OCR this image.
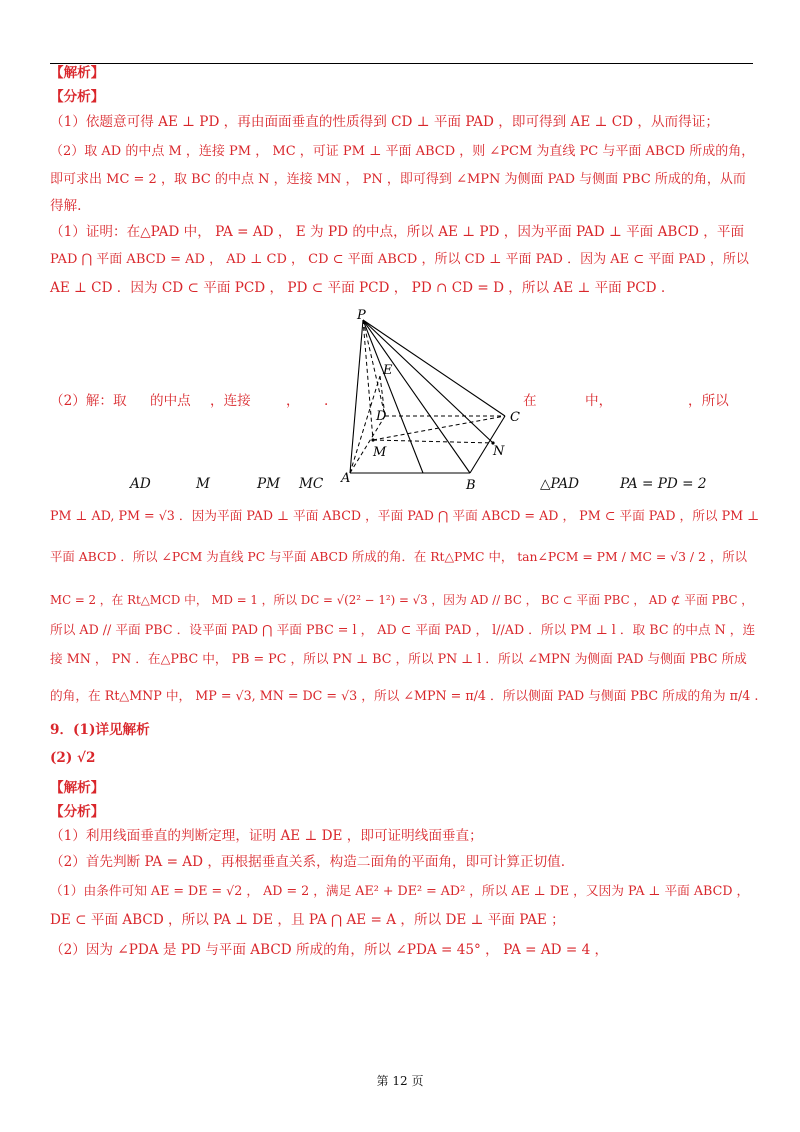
【解析】
【分析】
（1）依题意可得 AE ⊥ PD ，再由面面垂直的性质得到 CD ⊥ 平面 PAD ，即可得到 AE ⊥ CD ，从而得证；
（2）取 AD 的中点 M ，连接 PM ， MC ，可证 PM ⊥ 平面 ABCD ，则 ∠PCM 为直线 PC 与平面 ABCD 所成的角，
即可求出 MC = 2 ，取 BC 的中点 N ，连接 MN ， PN ，即可得到 ∠MPN 为侧面 PAD 与侧面 PBC 所成的角，从而
得解.
（1）证明：在△PAD 中， PA = AD ， E 为 PD 的中点，所以 AE ⊥ PD ，因为平面 PAD ⊥ 平面 ABCD ，平面
PAD ⋂ 平面 ABCD = AD ， AD ⊥ CD ， CD ⊂ 平面 ABCD ，所以 CD ⊥ 平面 PAD ．因为 AE ⊂ 平面 PAD ，所以
AE ⊥ CD ．因为 CD ⊂ 平面 PCD ， PD ⊂ 平面 PCD ， PD ∩ CD = D ，所以 AE ⊥ 平面 PCD .
（2）解：取 的中点 ，连接	， .	在	中，	，所以
AD	M	PM MC	△PAD	PA = PD = 2
P
E
D	C
M	N
A	B
PM ⊥ AD, PM = √3 ．因为平面 PAD ⊥ 平面 ABCD ，平面 PAD ⋂ 平面 ABCD = AD ， PM ⊂ 平面 PAD ，所以 PM ⊥
平面 ABCD ．所以 ∠PCM 为直线 PC 与平面 ABCD 所成的角．在 Rt△PMC 中， tan∠PCM = PM / MC = √3 / 2 ，所以
MC = 2 ，在 Rt△MCD 中， MD = 1 ，所以 DC = √(2² − 1²) = √3 ，因为 AD // BC ， BC ⊂ 平面 PBC ， AD ⊄ 平面 PBC ，
所以 AD // 平面 PBC ．设平面 PAD ⋂ 平面 PBC = l ， AD ⊂ 平面 PAD ， l//AD ．所以 PM ⊥ l ．取 BC 的中点 N ，连
接 MN ， PN ．在△PBC 中， PB = PC ，所以 PN ⊥ BC ，所以 PN ⊥ l ．所以 ∠MPN 为侧面 PAD 与侧面 PBC 所成
的角，在 Rt△MNP 中， MP = √3, MN = DC = √3 ，所以 ∠MPN = π/4 ．所以侧面 PAD 与侧面 PBC 所成的角为 π/4 .
9．(1)详见解析
(2) √2
【解析】
【分析】
（1）利用线面垂直的判断定理，证明 AE ⊥ DE ，即可证明线面垂直；
（2）首先判断 PA = AD ，再根据垂直关系，构造二面角的平面角，即可计算正切值.
（1）由条件可知 AE = DE = √2 ， AD = 2 ，满足 AE² + DE² = AD² ，所以 AE ⊥ DE ，又因为 PA ⊥ 平面 ABCD ，
DE ⊂ 平面 ABCD ，所以 PA ⊥ DE ，且 PA ⋂ AE = A ，所以 DE ⊥ 平面 PAE ；
（2）因为 ∠PDA 是 PD 与平面 ABCD 所成的角，所以 ∠PDA = 45° ， PA = AD = 4 ，
第 12 页
